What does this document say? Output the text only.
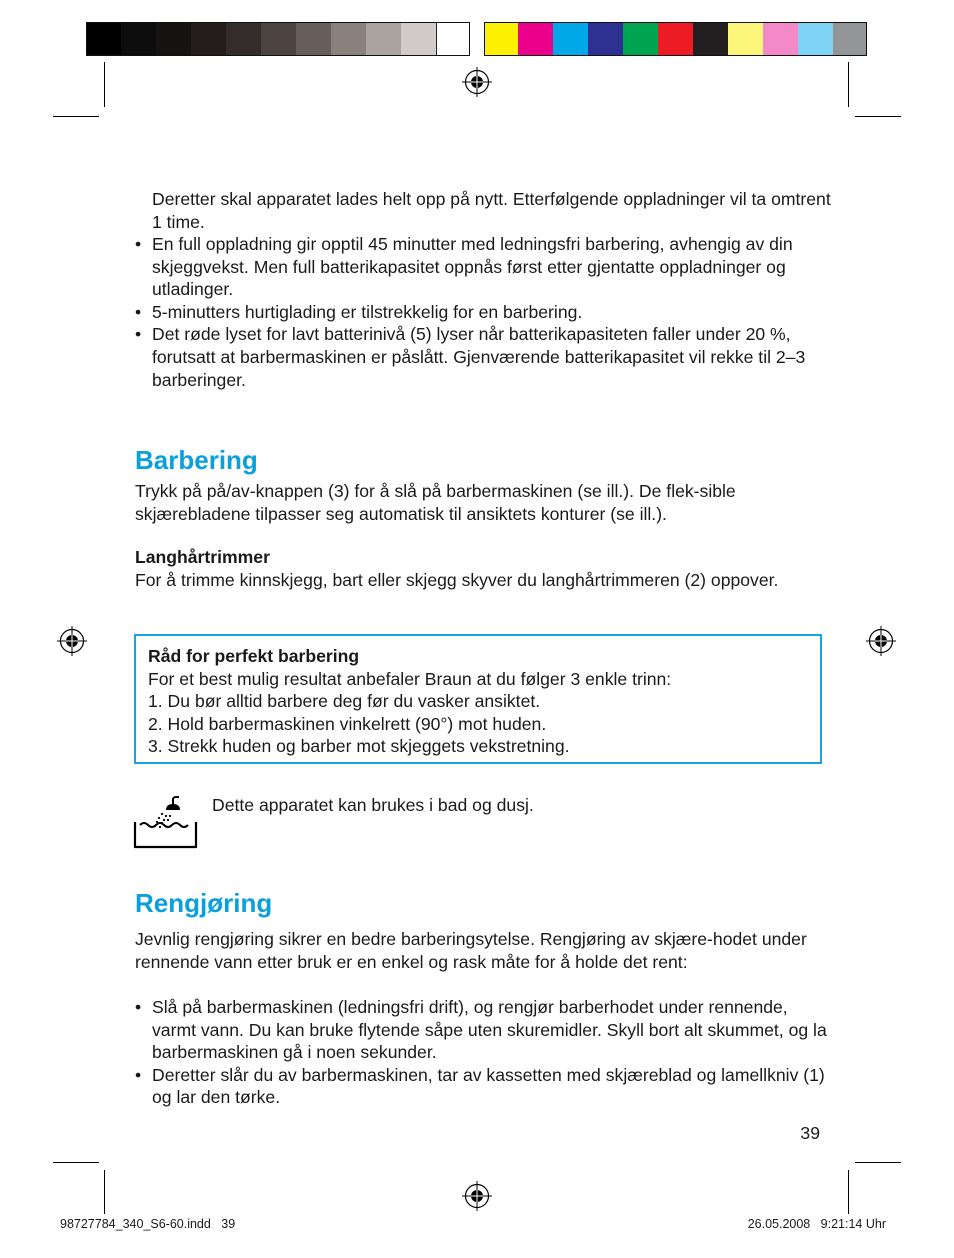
Deretter skal apparatet lades helt opp på nytt. Etterfølgende oppladninger vil ta omtrent 1 time.

• En full oppladning gir opptil 45 minutter med ledningsfri barbering, avhengig av din skjeggvekst. Men full batterikapasitet oppnås først etter gjentatte oppladninger og utladinger.
• 5-minutters hurtiglading er tilstrekkelig for en barbering.
• Det røde lyset for lavt batterinivå (5) lyser når batterikapasiteten faller under 20 %, forutsatt at barbermaskinen er påslått. Gjenværende batterikapasitet vil rekke til 2–3 barberinger.
Barbering

Trykk på på/av-knappen (3) for å slå på barbermaskinen (se ill.). De flek-sible skjærebladene tilpasser seg automatisk til ansiktets konturer (se ill.).

Langhårtrimmer

For å trimme kinnskjegg, bart eller skjegg skyver du langhårtrimmeren (2) oppover.

Råd for perfekt barbering
For et best mulig resultat anbefaler Braun at du følger 3 enkle trinn:
1. Du bør alltid barbere deg før du vasker ansiktet.
2. Hold barbermaskinen vinkelrett (90°) mot huden.
3. Strekk huden og barber mot skjeggets vekstretning.

Dette apparatet kan brukes i bad og dusj.

Rengjøring

Jevnlig rengjøring sikrer en bedre barberingsytelse. Rengjøring av skjære-hodet under rennende vann etter bruk er en enkel og rask måte for å holde det rent:

• Slå på barbermaskinen (ledningsfri drift), og rengjør barberhodet under rennende, varmt vann. Du kan bruke flytende såpe uten skuremidler. Skyll bort alt skummet, og la barbermaskinen gå i noen sekunder.
• Deretter slår du av barbermaskinen, tar av kassetten med skjæreblad og lamellkniv (1) og lar den tørke.
39
98727784_340_S6-60.indd   39	26.05.2008   9:21:14 Uhr
